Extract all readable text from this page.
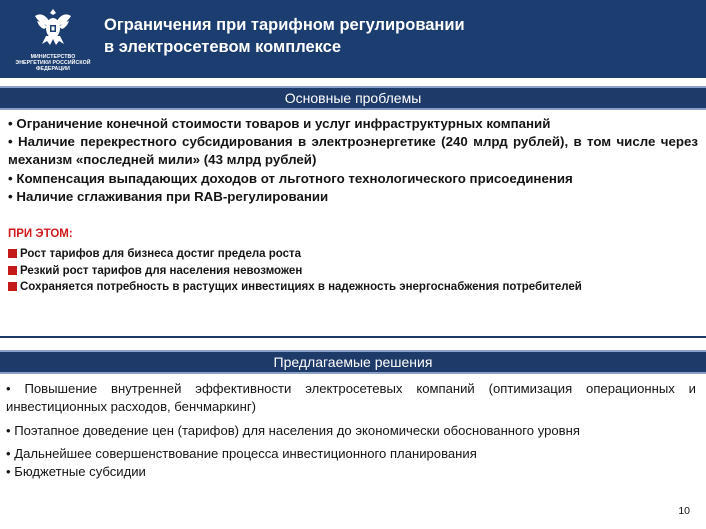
МИНИСТЕРСТВО ЭНЕРГЕТИКИ РОССИЙСКОЙ ФЕДЕРАЦИИ
Ограничения при тарифном регулировании
в электросетевом комплексе
Основные проблемы
• Ограничение конечной стоимости товаров и услуг инфраструктурных компаний
• Наличие перекрестного субсидирования в электроэнергетике (240 млрд рублей), в том числе через механизм «последней мили» (43 млрд рублей)
• Компенсация выпадающих доходов от льготного технологического присоединения
• Наличие сглаживания при RAB-регулировании
ПРИ ЭТОМ:
Рост тарифов для бизнеса достиг предела роста
Резкий рост тарифов для населения невозможен
Сохраняется потребность в растущих инвестициях в надежность энергоснабжения потребителей
Предлагаемые решения
• Повышение внутренней эффективности электросетевых компаний (оптимизация операционных и инвестиционных расходов, бенчмаркинг)
• Поэтапное доведение цен (тарифов) для населения до экономически обоснованного уровня
• Дальнейшее совершенствование процесса инвестиционного планирования
• Бюджетные субсидии
10
